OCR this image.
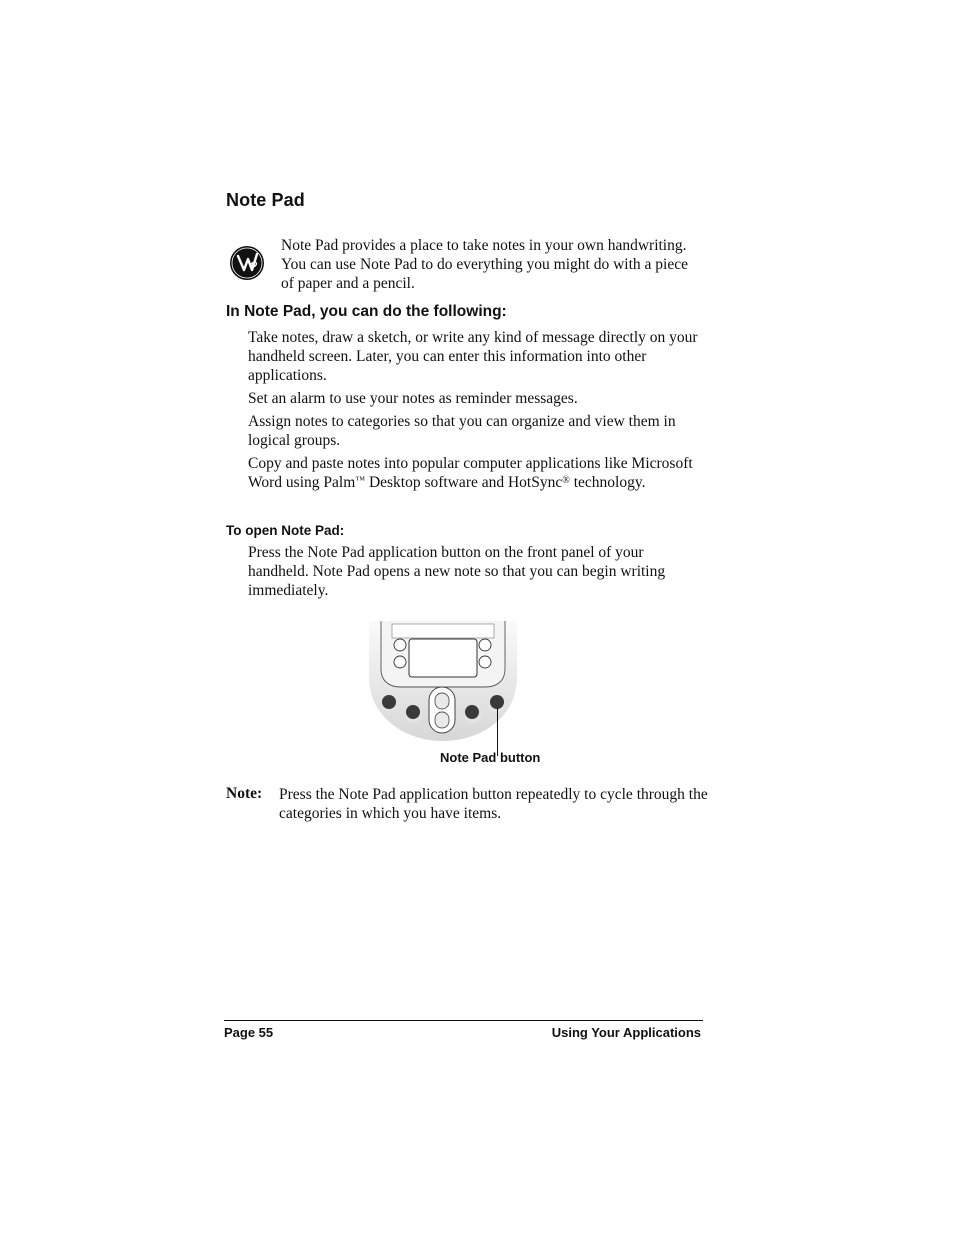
Note Pad

Note Pad provides a place to take notes in your own handwriting. You can use Note Pad to do everything you might do with a piece of paper and a pencil.

In Note Pad, you can do the following:

Take notes, draw a sketch, or write any kind of message directly on your handheld screen. Later, you can enter this information into other applications.

Set an alarm to use your notes as reminder messages.

Assign notes to categories so that you can organize and view them in logical groups.

Copy and paste notes into popular computer applications like Microsoft Word using Palm™ Desktop software and HotSync® technology.

To open Note Pad:

Press the Note Pad application button on the front panel of your handheld. Note Pad opens a new note so that you can begin writing immediately.

Note Pad button
Note: Press the Note Pad application button repeatedly to cycle through the categories in which you have items.

Page 55	Using Your Applications
